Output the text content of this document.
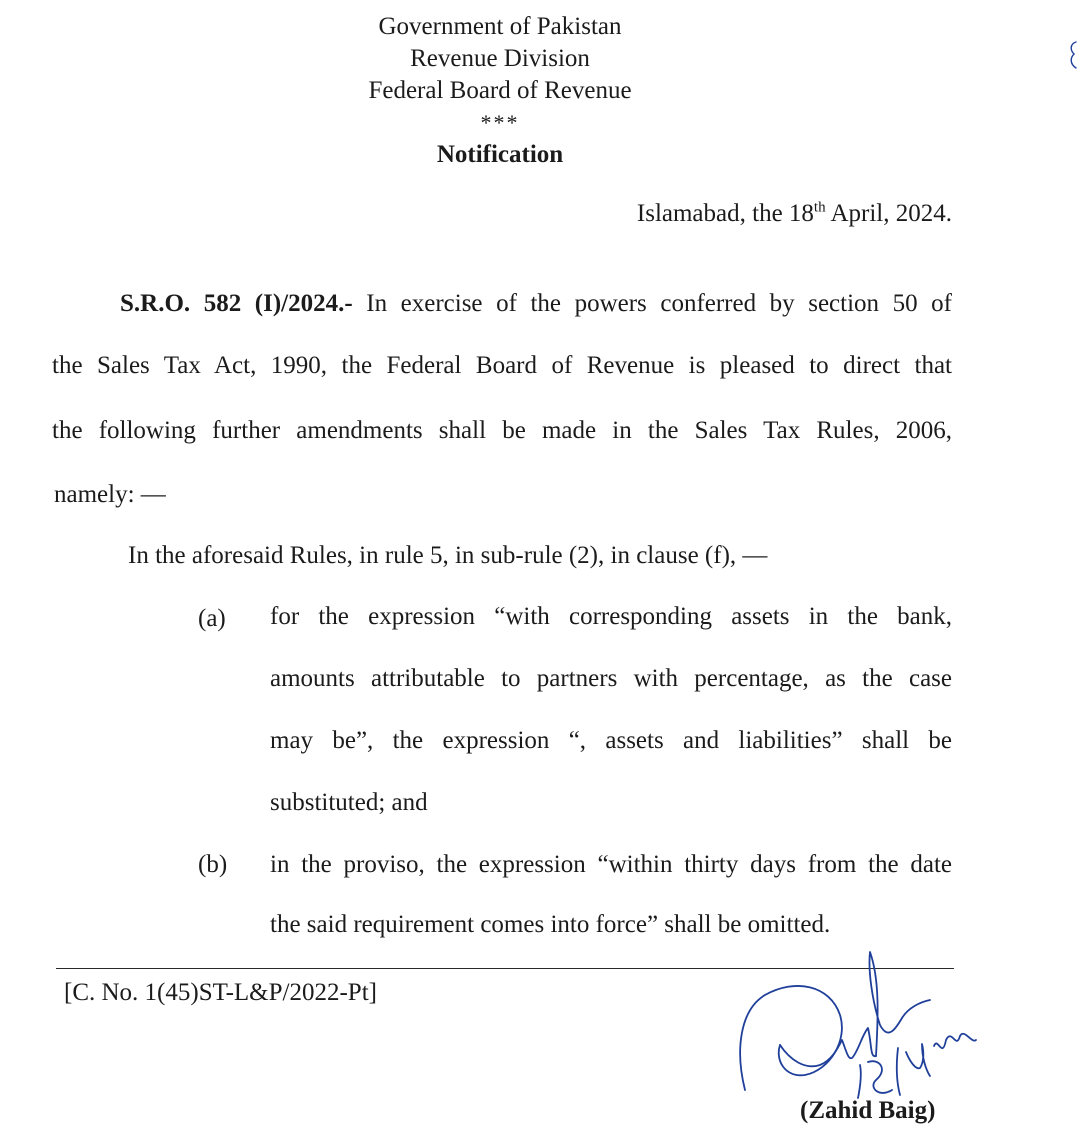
Government of Pakistan
Revenue Division
Federal Board of Revenue
***
Notification
Islamabad, the 18th April, 2024.
S.R.O. 582 (I)/2024.- In exercise of the powers conferred by section 50 of
the Sales Tax Act, 1990, the Federal Board of Revenue is pleased to direct that
the following further amendments shall be made in the Sales Tax Rules, 2006,
namely: —
In the aforesaid Rules, in rule 5, in sub-rule (2), in clause (f), —
(a) for the expression “with corresponding assets in the bank,
amounts attributable to partners with percentage, as the case
may be”, the expression “, assets and liabilities” shall be
substituted; and
(b) in the proviso, the expression “within thirty days from the date
the said requirement comes into force” shall be omitted.
[C. No. 1(45)ST-L&P/2022-Pt]
(Zahid Baig)
